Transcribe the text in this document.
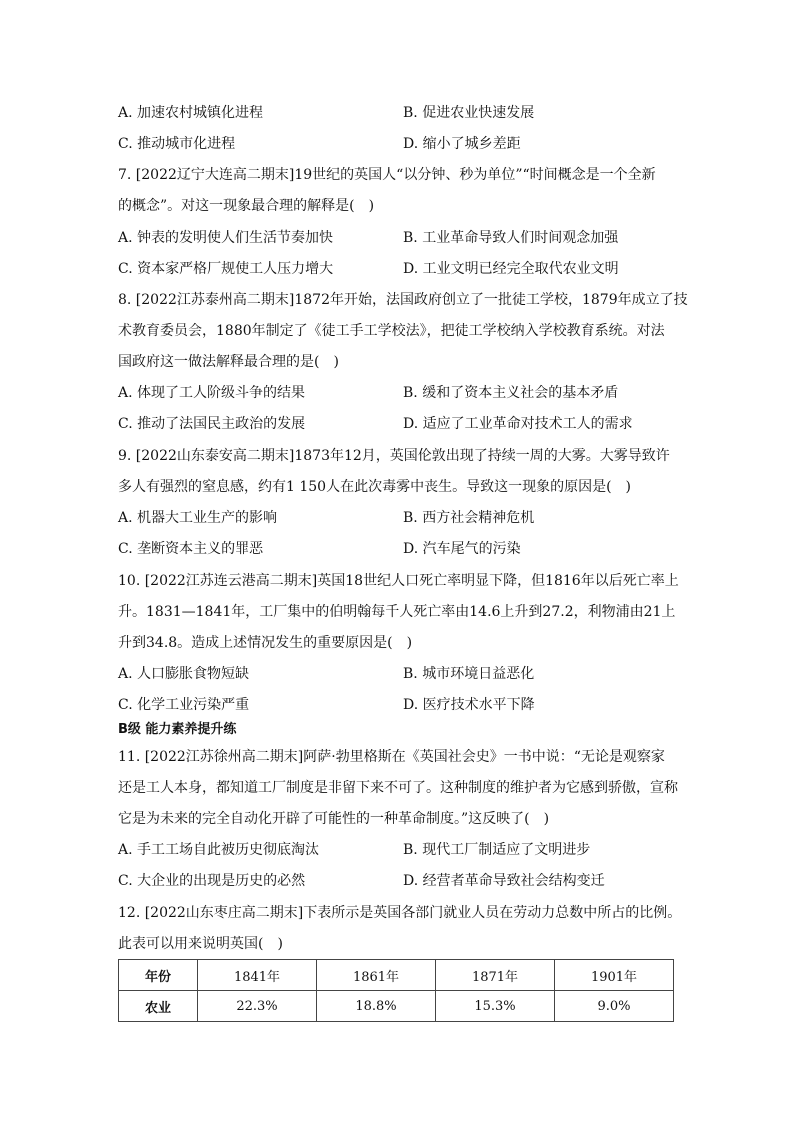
A. 加速农村城镇化进程	B. 促进农业快速发展
C. 推动城市化进程	D. 缩小了城乡差距
7. [2022辽宁大连高二期末]19世纪的英国人“以分钟、秒为单位”“时间概念是一个全新
的概念”。对这一现象最合理的解释是(　)
A. 钟表的发明使人们生活节奏加快	B. 工业革命导致人们时间观念加强
C. 资本家严格厂规使工人压力增大	D. 工业文明已经完全取代农业文明
8. [2022江苏泰州高二期末]1872年开始，法国政府创立了一批徒工学校，1879年成立了技
术教育委员会，1880年制定了《徒工手工学校法》，把徒工学校纳入学校教育系统。对法
国政府这一做法解释最合理的是(　)
A. 体现了工人阶级斗争的结果	B. 缓和了资本主义社会的基本矛盾
C. 推动了法国民主政治的发展	D. 适应了工业革命对技术工人的需求
9. [2022山东泰安高二期末]1873年12月，英国伦敦出现了持续一周的大雾。大雾导致许
多人有强烈的窒息感，约有1 150人在此次毒雾中丧生。导致这一现象的原因是(　)
A. 机器大工业生产的影响	B. 西方社会精神危机
C. 垄断资本主义的罪恶	D. 汽车尾气的污染
10. [2022江苏连云港高二期末]英国18世纪人口死亡率明显下降，但1816年以后死亡率上
升。1831—1841年，工厂集中的伯明翰每千人死亡率由14.6上升到27.2，利物浦由21上
升到34.8。造成上述情况发生的重要原因是(　)
A. 人口膨胀食物短缺	B. 城市环境日益恶化
C. 化学工业污染严重	D. 医疗技术水平下降
B级 能力素养提升练
11. [2022江苏徐州高二期末]阿萨·勃里格斯在《英国社会史》一书中说：“无论是观察家
还是工人本身，都知道工厂制度是非留下来不可了。这种制度的维护者为它感到骄傲，宣称
它是为未来的完全自动化开辟了可能性的一种革命制度。”这反映了(　)
A. 手工工场自此被历史彻底淘汰	B. 现代工厂制适应了文明进步
C. 大企业的出现是历史的必然	D. 经营者革命导致社会结构变迁
12. [2022山东枣庄高二期末]下表所示是英国各部门就业人员在劳动力总数中所占的比例。
此表可以用来说明英国(　)
年份	1841年	1861年	1871年	1901年
农业	22.3%	18.8%	15.3%	9.0%
